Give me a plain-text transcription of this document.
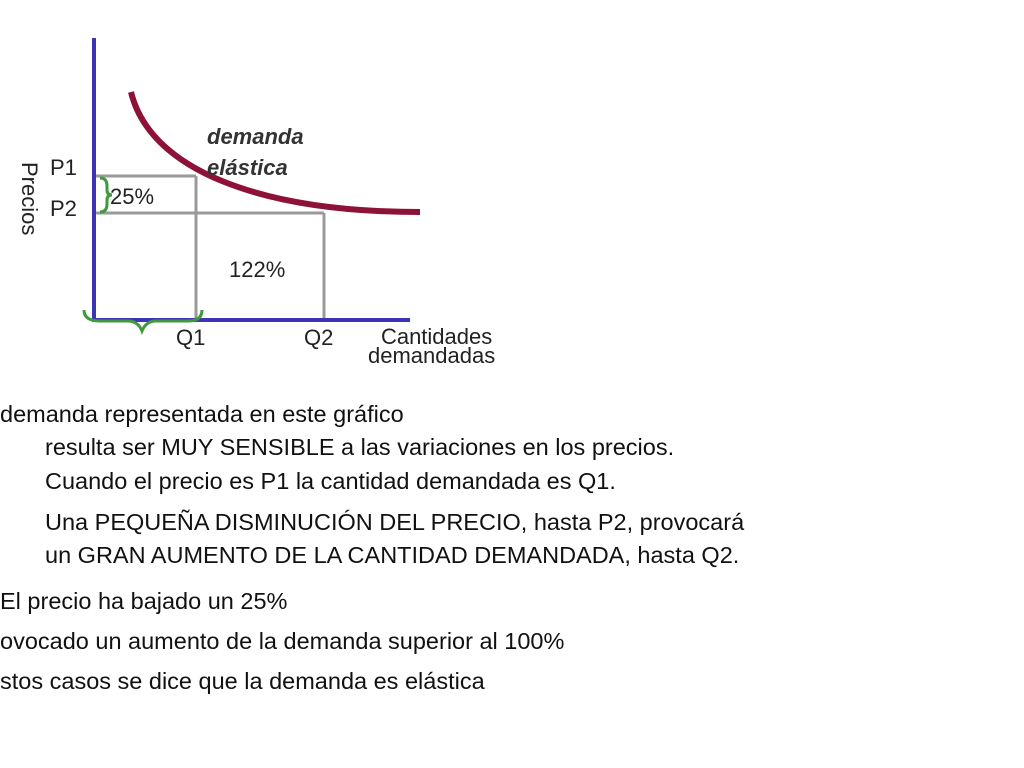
Precios P1
P2 25%
122%
demanda
elástica
Q1	Q2	Cantidades
demandadas
demanda representada en este gráfico
resulta ser MUY SENSIBLE a las variaciones en los precios.
Cuando el precio es P1 la cantidad demandada es Q1.
Una PEQUEÑA DISMINUCIÓN DEL PRECIO, hasta P2, provocará
un GRAN AUMENTO DE LA CANTIDAD DEMANDADA, hasta Q2.
El precio ha bajado un 25%
ovocado un aumento de la demanda superior al 100%
stos casos se dice que la demanda es elástica
